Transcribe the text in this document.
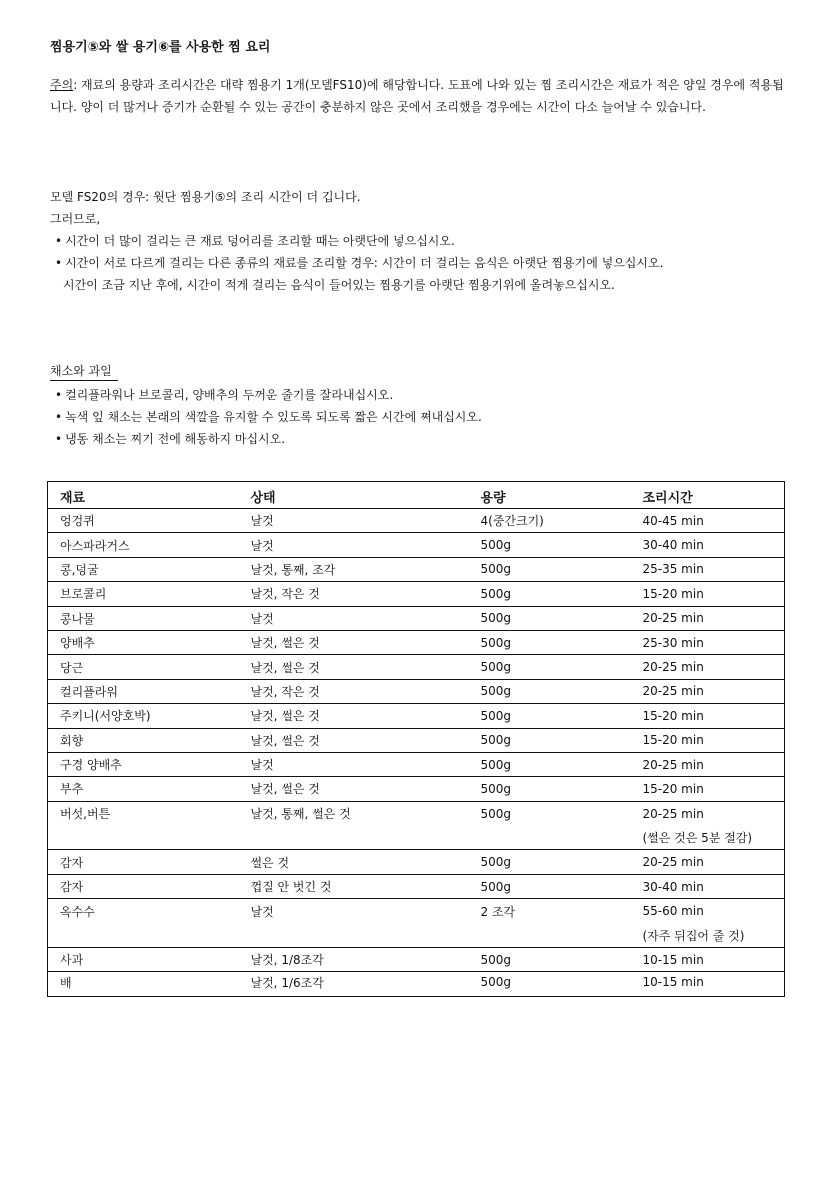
찜용기⑤와 쌀 용기⑥를 사용한 찜 요리
주의: 재료의 용량과 조리시간은 대략 찜용기 1개(모델FS10)에 해당합니다. 도표에 나와 있는 찜 조리시간은 재료가 적은 양일 경우에 적용됩니다. 양이 더 많거나 증기가 순환될 수 있는 공간이 충분하지 않은 곳에서 조리했을 경우에는 시간이 다소 늘어날 수 있습니다.
모델 FS20의 경우: 윗단 찜용기⑤의 조리 시간이 더 깁니다.
그러므로,
• 시간이 더 많이 걸리는 큰 재료 덩어리를 조리할 때는 아랫단에 넣으십시오.
• 시간이 서로 다르게 걸리는 다른 종류의 재료를 조리할 경우: 시간이 더 걸리는 음식은 아랫단 찜용기에 넣으십시오.
시간이 조금 지난 후에, 시간이 적게 걸리는 음식이 들어있는 찜용기를 아랫단 찜용기위에 올려놓으십시오.
채소와 과일
• 컬리플라워나 브로콜리, 양배추의 두꺼운 줄기를 잘라내십시오.
• 녹색 잎 채소는 본래의 색깔을 유지할 수 있도록 되도록 짧은 시간에 쪄내십시오.
• 냉동 채소는 찌기 전에 해동하지 마십시오.
재료	상태	용량	조리시간
엉겅퀴	날것	4(중간크기)	40-45 min
아스파라거스	날것	500g	30-40 min
콩,덩굴	날것, 통째, 조각	500g	25-35 min
브로콜리	날것, 작은 것	500g	15-20 min
콩나물	날것	500g	20-25 min
양배추	날것, 썰은 것	500g	25-30 min
당근	날것, 썰은 것	500g	20-25 min
컬리플라워	날것, 작은 것	500g	20-25 min
주키니(서양호박)	날것, 썰은 것	500g	15-20 min
회향	날것, 썰은 것	500g	15-20 min
구경 양배추	날것	500g	20-25 min
부추	날것, 썰은 것	500g	15-20 min
버섯,버튼	날것, 통째, 썰은 것	500g	20-25 min
			(썰은 것은 5분 절감)
감자	썰은 것	500g	20-25 min
감자	껍질 안 벗긴 것	500g	30-40 min
옥수수	날것	2 조각	55-60 min
			(자주 뒤집어 줄 것)
사과	날것, 1/8조각	500g	10-15 min
배	날것, 1/6조각	500g	10-15 min
